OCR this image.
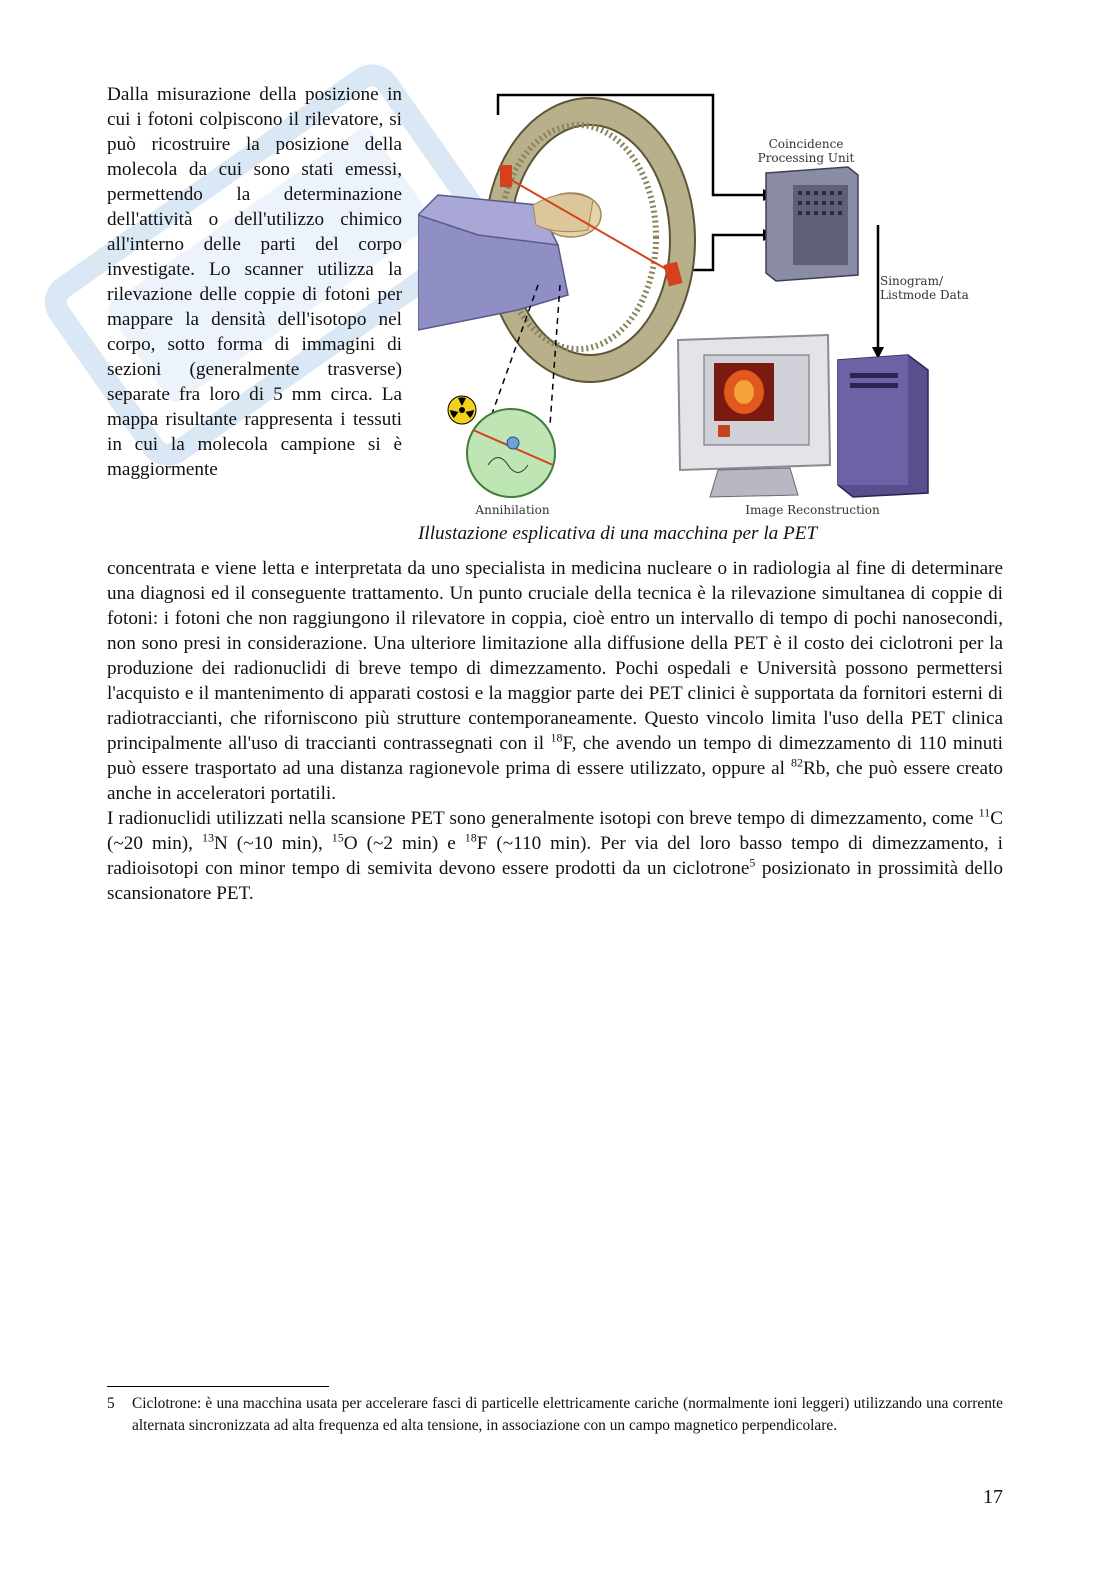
Dalla misurazione della posizione in cui i fotoni colpiscono il rilevatore, si può ricostruire la posizione della molecola da cui sono stati emessi, permettendo la determinazione dell'attività o dell'utilizzo chimico all'interno delle parti del corpo investigate. Lo scanner utilizza la rilevazione delle coppie di fotoni per mappare la densità dell'isotopo nel corpo, sotto forma di immagini di sezioni (generalmente trasverse) separate fra loro di 5 mm circa. La mappa risultante rappresenta i tessuti in cui la molecola campione si è maggiormente

Coincidence Processing Unit
Sinogram/ Listmode Data
Annihilation	Image Reconstruction
Illustazione esplicativa di una macchina per la PET

concentrata e viene letta e interpretata da uno specialista in medicina nucleare o in radiologia al fine di determinare una diagnosi ed il conseguente trattamento. Un punto cruciale della tecnica è la rilevazione simultanea di coppie di fotoni: i fotoni che non raggiungono il rilevatore in coppia, cioè entro un intervallo di tempo di pochi nanosecondi, non sono presi in considerazione. Una ulteriore limitazione alla diffusione della PET è il costo dei ciclotroni per la produzione dei radionuclidi di breve tempo di dimezzamento. Pochi ospedali e Università possono permettersi l'acquisto e il mantenimento di apparati costosi e la maggior parte dei PET clinici è supportata da fornitori esterni di radiotraccianti, che riforniscono più strutture contemporaneamente. Questo vincolo limita l'uso della PET clinica principalmente all'uso di traccianti contrassegnati con il $^{18}$F, che avendo un tempo di dimezzamento di 110 minuti può essere trasportato ad una distanza ragionevole prima di essere utilizzato, oppure al $^{82}$Rb, che può essere creato anche in acceleratori portatili.

I radionuclidi utilizzati nella scansione PET sono generalmente isotopi con breve tempo di dimezzamento, come $^{11}$C (~20 min), $^{13}$N (~10 min), $^{15}$O (~2 min) e $^{18}$F (~110 min). Per via del loro basso tempo di dimezzamento, i radioisotopi con minor tempo di semivita devono essere prodotti da un ciclotrone$^5$ posizionato in prossimità dello scansionatore PET.

5 Ciclotrone: è una macchina usata per accelerare fasci di particelle elettricamente cariche (normalmente ioni leggeri) utilizzando una corrente alternata sincronizzata ad alta frequenza ed alta tensione, in associazione con un campo magnetico perpendicolare.
17
